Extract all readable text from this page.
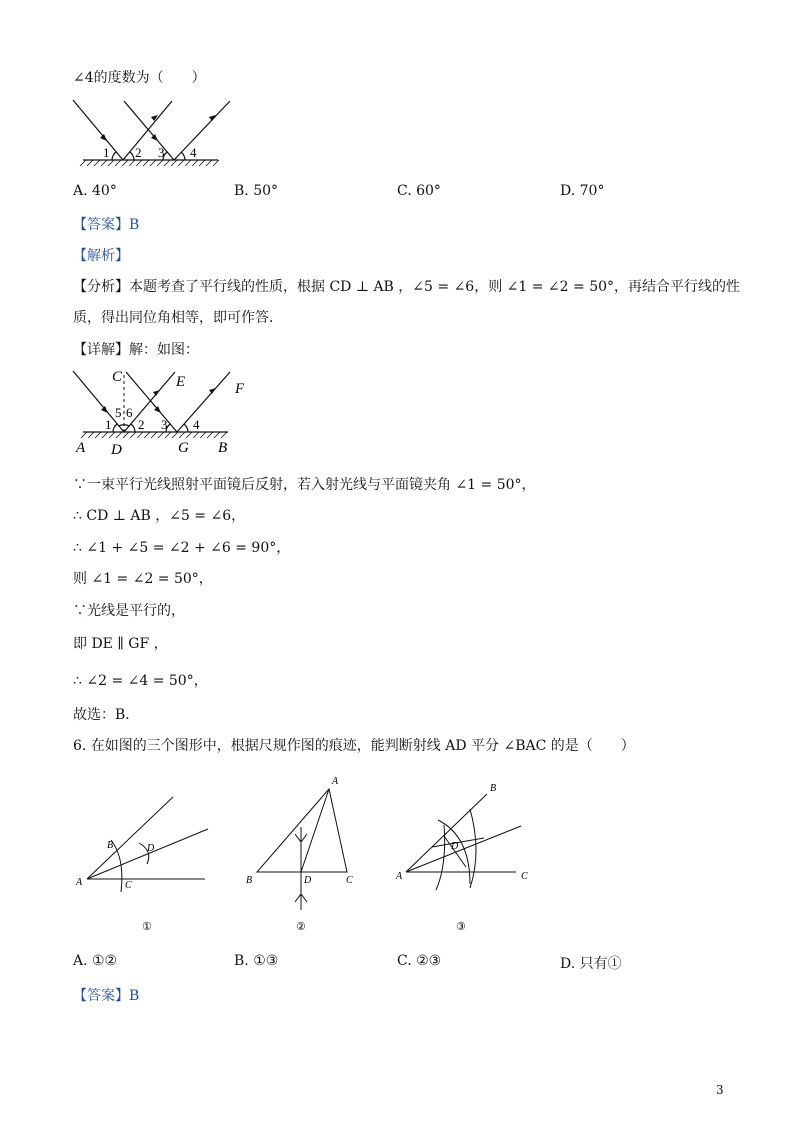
∠4的度数为（　　）
1 2 3 4
A. 40°	B. 50°	C. 60°	D. 70°
【答案】B
【解析】
【分析】本题考查了平行线的性质，根据 CD ⊥ AB ，∠5 = ∠6，则 ∠1 = ∠2 = 50°，再结合平行线的性
质，得出同位角相等，即可作答．
【详解】解：如图：
C	E	F
1
5 6
2 3 4
A D	G B
∵一束平行光线照射平面镜后反射，若入射光线与平面镜夹角 ∠1 = 50°，
∴ CD ⊥ AB ，∠5 = ∠6，
∴ ∠1 + ∠5 = ∠2 + ∠6 = 90°，
则 ∠1 = ∠2 = 50°，
∵光线是平行的，
即 DE ∥ GF ，
∴ ∠2 = ∠4 = 50°，
故选：B．
6. 在如图的三个图形中，根据尺规作图的痕迹，能判断射线 AD 平分 ∠BAC 的是（　　）
B	D
A	C
①
A
B	D	C
②
B
D
A	C
③
A. ①②	B. ①③	C. ②③	D. 只有①
【答案】B
3
